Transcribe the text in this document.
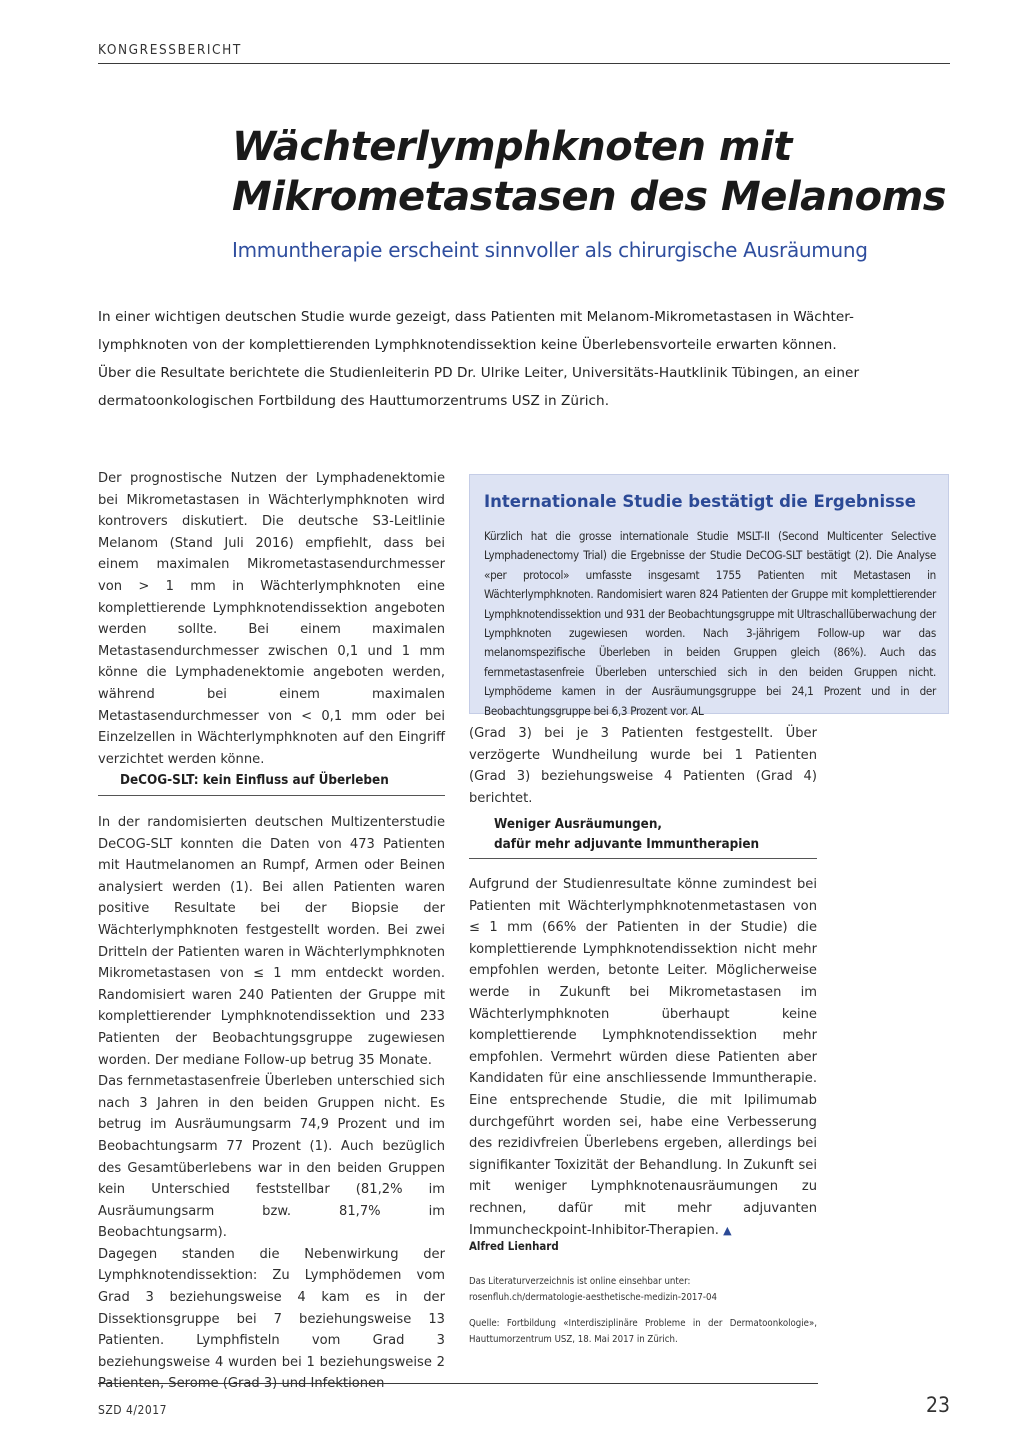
KONGRESSBERICHT
Wächterlymphknoten mit
Mikrometastasen des Melanoms
Immuntherapie erscheint sinnvoller als chirurgische Ausräumung
In einer wichtigen deutschen Studie wurde gezeigt, dass Patienten mit Melanom-Mikrometastasen in Wächter-
lymphknoten von der komplettierenden Lymphknotendissektion keine Überlebensvorteile erwarten können.
Über die Resultate berichtete die Studienleiterin PD Dr. Ulrike Leiter, Universitäts-Hautklinik Tübingen, an einer
dermatoonkologischen Fortbildung des Hauttumorzentrums USZ in Zürich.

Der prognostische Nutzen der Lymphadenektomie bei Mikrometastasen in Wächterlymphknoten wird kontrovers diskutiert. Die deutsche S3-Leitlinie Melanom (Stand Juli 2016) empfiehlt, dass bei einem maximalen Mikrometastasendurchmesser von > 1 mm in Wächterlymphknoten eine komplettierende Lymphknotendissektion angeboten werden sollte. Bei einem maximalen Metastasendurchmesser zwischen 0,1 und 1 mm könne die Lymphadenektomie angeboten werden, während bei einem maximalen Metastasendurchmesser von < 0,1 mm oder bei Einzelzellen in Wächterlymphknoten auf den Eingriff verzichtet werden könne.

DeCOG-SLT: kein Einfluss auf Überleben

In der randomisierten deutschen Multizenterstudie DeCOG-SLT konnten die Daten von 473 Patienten mit Hautmelanomen an Rumpf, Armen oder Beinen analysiert werden (1). Bei allen Patienten waren positive Resultate bei der Biopsie der Wächterlymphknoten festgestellt worden. Bei zwei Dritteln der Patienten waren in Wächterlymphknoten Mikrometastasen von ≤ 1 mm entdeckt worden. Randomisiert waren 240 Patienten der Gruppe mit komplettierender Lymphknotendissektion und 233 Patienten der Beobachtungsgruppe zugewiesen worden. Der mediane Follow-up betrug 35 Monate.

Das fernmetastasenfreie Überleben unterschied sich nach 3 Jahren in den beiden Gruppen nicht. Es betrug im Ausräumungsarm 74,9 Prozent und im Beobachtungsarm 77 Prozent (1). Auch bezüglich des Gesamtüberlebens war in den beiden Gruppen kein Unterschied feststellbar (81,2% im Ausräumungsarm bzw. 81,7% im Beobachtungsarm).

Dagegen standen die Nebenwirkung der Lymphknotendissektion: Zu Lymphödemen vom Grad 3 beziehungsweise 4 kam es in der Dissektionsgruppe bei 7 beziehungsweise 13 Patienten. Lymphfisteln vom Grad 3 beziehungsweise 4 wurden bei 1 beziehungsweise 2

Internationale Studie bestätigt die Ergebnisse
Kürzlich hat die grosse internationale Studie MSLT-II (Second Multicenter Selective Lymphadenectomy Trial) die Ergebnisse der Studie DeCOG-SLT bestätigt (2). Die Analyse «per protocol» umfasste insgesamt 1755 Patienten mit Metastasen in Wächterlymphknoten. Randomisiert waren 824 Patienten der Gruppe mit komplettierender Lymphknotendissektion und 931 der Beobachtungsgruppe mit Ultraschallüberwachung der Lymphknoten zugewiesen worden. Nach 3-jährigem Follow-up war das melanomspezifische Überleben in beiden Gruppen gleich (86%). Auch das fernmetastasenfreie Überleben unterschied sich in den beiden Gruppen nicht. Lymphödeme kamen in der Ausräumungsgruppe bei 24,1 Prozent und in der Beobachtungsgruppe bei 6,3 Prozent vor. AL

(Grad 3) bei je 3 Patienten festgestellt. Über verzögerte Wundheilung wurde bei 1 Patienten (Grad 3) beziehungsweise 4 Patienten (Grad 4) berichtet.

Weniger Ausräumungen,
dafür mehr adjuvante Immuntherapien

Aufgrund der Studienresultate könne zumindest bei Patienten mit Wächterlymphknotenmetastasen von ≤ 1 mm (66% der Patienten in der Studie) die komplettierende Lymphknotendissektion nicht mehr empfohlen werden, betonte Leiter. Möglicherweise werde in Zukunft bei Mikrometastasen im Wächterlymphknoten überhaupt keine komplettierende Lymphknotendissektion mehr empfohlen. Vermehrt würden diese Patienten aber Kandidaten für eine anschliessende Immuntherapie. Eine entsprechende Studie, die mit Ipilimumab durchgeführt worden sei, habe eine Verbesserung des rezidivfreien Überlebens ergeben, allerdings bei signifikanter Toxizität der Behandlung. In Zukunft sei mit weniger Lymphknotenausräumungen zu rechnen, dafür mit mehr adjuvanten Immuncheckpoint-Inhibitor-Therapien. ▲

Alfred Lienhard
Das Literaturverzeichnis ist online einsehbar unter:
rosenfluh.ch/dermatologie-aesthetische-medizin-2017-04
Quelle: Fortbildung «Interdisziplinäre Probleme in der Dermatoonkologie», Hauttumorzentrum USZ, 18. Mai 2017 in Zürich.
SZD 4/2017	23
